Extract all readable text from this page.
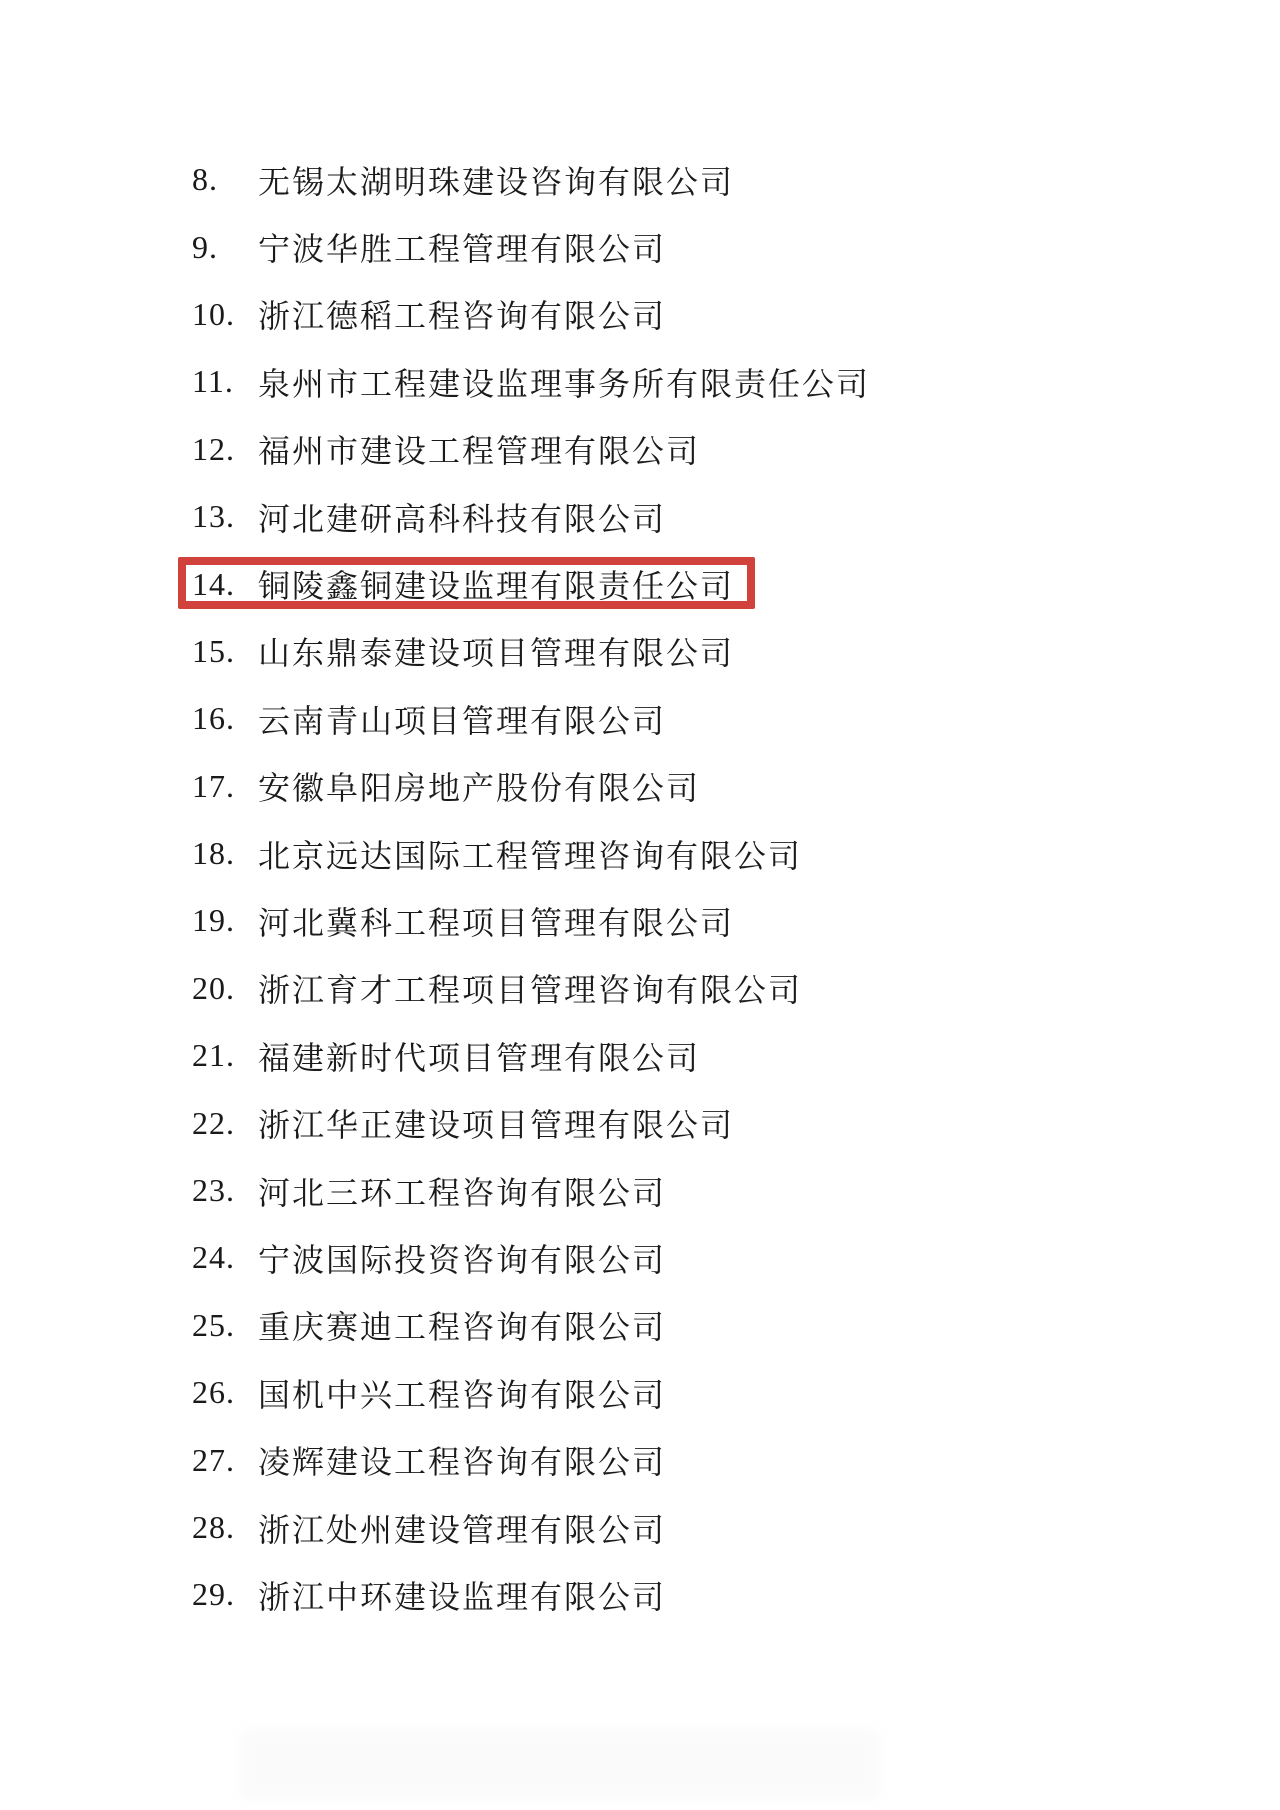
8.	无锡太湖明珠建设咨询有限公司
9.	宁波华胜工程管理有限公司
10. 浙江德稻工程咨询有限公司
11. 泉州市工程建设监理事务所有限责任公司
12. 福州市建设工程管理有限公司
13. 河北建研高科科技有限公司
14. 铜陵鑫铜建设监理有限责任公司
15. 山东鼎泰建设项目管理有限公司
16. 云南青山项目管理有限公司
17. 安徽阜阳房地产股份有限公司
18. 北京远达国际工程管理咨询有限公司
19. 河北冀科工程项目管理有限公司
20. 浙江育才工程项目管理咨询有限公司
21. 福建新时代项目管理有限公司
22. 浙江华正建设项目管理有限公司
23. 河北三环工程咨询有限公司
24. 宁波国际投资咨询有限公司
25. 重庆赛迪工程咨询有限公司
26. 国机中兴工程咨询有限公司
27. 凌辉建设工程咨询有限公司
28. 浙江处州建设管理有限公司
29. 浙江中环建设监理有限公司
